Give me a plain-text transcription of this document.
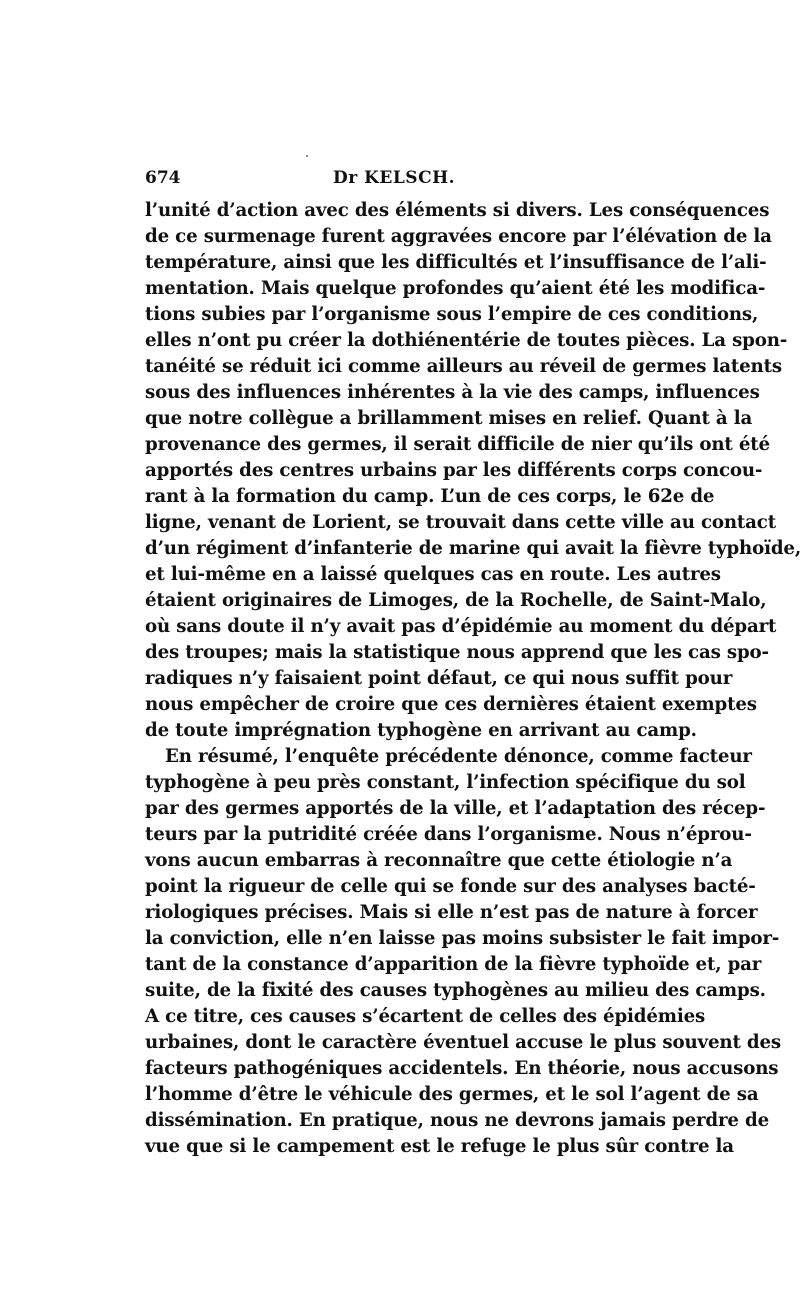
674	Dr KELSCH.
l’unité d’action avec des éléments si divers. Les conséquences
de ce surmenage furent aggravées encore par l’élévation de la
température, ainsi que les difficultés et l’insuffisance de l’ali-
mentation. Mais quelque profondes qu’aient été les modifica-
tions subies par l’organisme sous l’empire de ces conditions,
elles n’ont pu créer la dothiénentérie de toutes pièces. La spon-
tanéité se réduit ici comme ailleurs au réveil de germes latents
sous des influences inhérentes à la vie des camps, influences
que notre collègue a brillamment mises en relief. Quant à la
provenance des germes, il serait difficile de nier qu’ils ont été
apportés des centres urbains par les différents corps concou-
rant à la formation du camp. L’un de ces corps, le 62e de
ligne, venant de Lorient, se trouvait dans cette ville au contact
d’un régiment d’infanterie de marine qui avait la fièvre typhoïde,
et lui-même en a laissé quelques cas en route. Les autres
étaient originaires de Limoges, de la Rochelle, de Saint-Malo,
où sans doute il n’y avait pas d’épidémie au moment du départ
des troupes; mais la statistique nous apprend que les cas spo-
radiques n’y faisaient point défaut, ce qui nous suffit pour
nous empêcher de croire que ces dernières étaient exemptes
de toute imprégnation typhogène en arrivant au camp.
En résumé, l’enquête précédente dénonce, comme facteur
typhogène à peu près constant, l’infection spécifique du sol
par des germes apportés de la ville, et l’adaptation des récep-
teurs par la putridité créée dans l’organisme. Nous n’éprou-
vons aucun embarras à reconnaître que cette étiologie n’a
point la rigueur de celle qui se fonde sur des analyses bacté-
riologiques précises. Mais si elle n’est pas de nature à forcer
la conviction, elle n’en laisse pas moins subsister le fait impor-
tant de la constance d’apparition de la fièvre typhoïde et, par
suite, de la fixité des causes typhogènes au milieu des camps.
A ce titre, ces causes s’écartent de celles des épidémies
urbaines, dont le caractère éventuel accuse le plus souvent des
facteurs pathogéniques accidentels. En théorie, nous accusons
l’homme d’être le véhicule des germes, et le sol l’agent de sa
dissémination. En pratique, nous ne devrons jamais perdre de
vue que si le campement est le refuge le plus sûr contre la
